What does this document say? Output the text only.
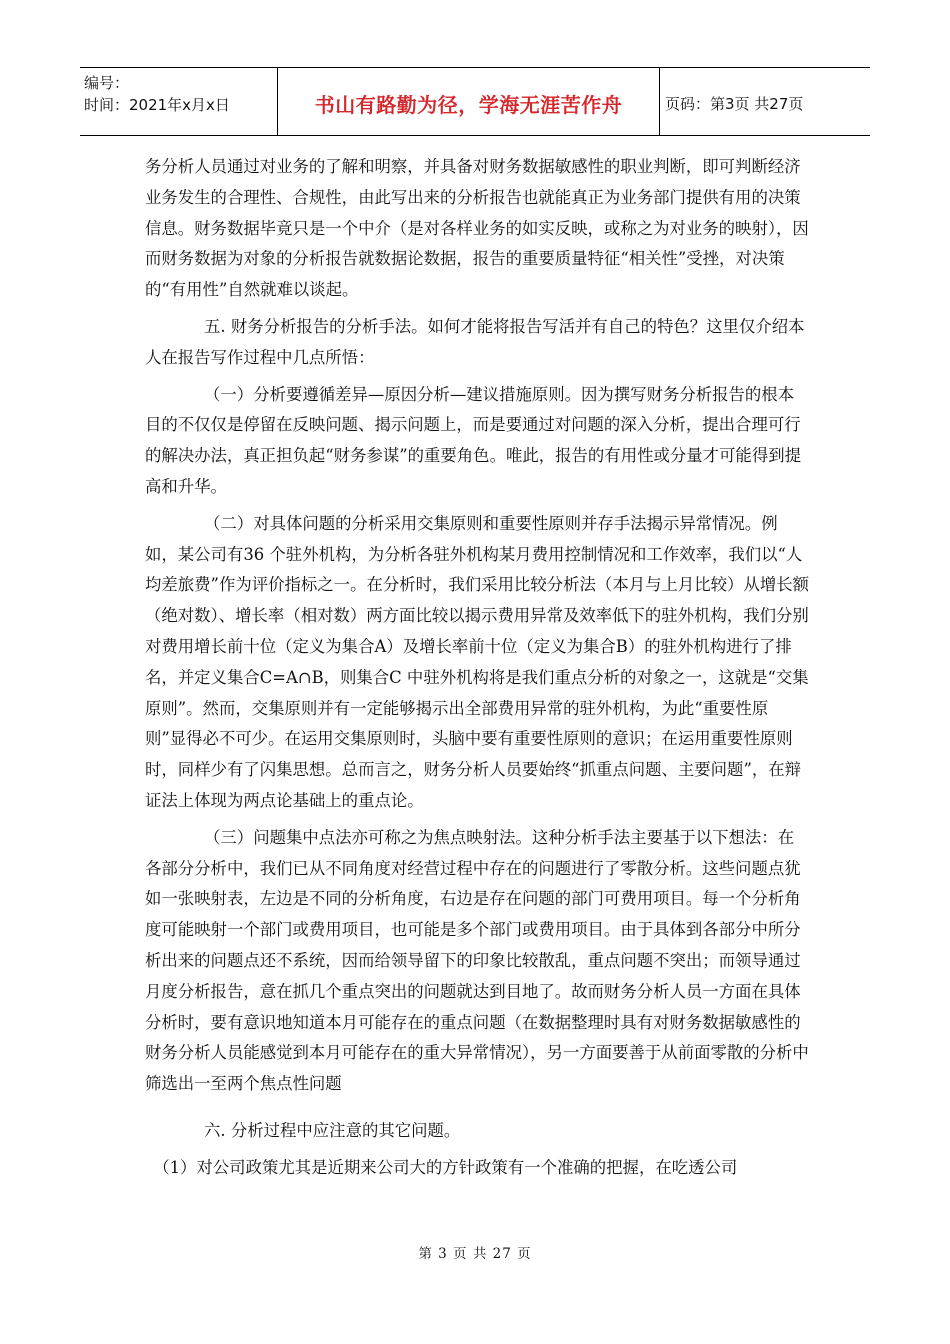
编号：
时间：2021年x月x日	书山有路勤为径，学海无涯苦作舟	页码：第3页 共27页

务分析人员通过对业务的了解和明察，并具备对财务数据敏感性的职业判断，即可判断经济业务发生的合理性、合规性，由此写出来的分析报告也就能真正为业务部门提供有用的决策信息。财务数据毕竟只是一个中介（是对各样业务的如实反映，或称之为对业务的映射），因而财务数据为对象的分析报告就数据论数据，报告的重要质量特征“相关性”受挫，对决策的“有用性”自然就难以谈起。

五. 财务分析报告的分析手法。如何才能将报告写活并有自己的特色？这里仅介绍本人在报告写作过程中几点所悟：

（一）分析要遵循差异—原因分析—建议措施原则。因为撰写财务分析报告的根本目的不仅仅是停留在反映问题、揭示问题上，而是要通过对问题的深入分析，提出合理可行的解决办法，真正担负起“财务参谋”的重要角色。唯此，报告的有用性或分量才可能得到提高和升华。

（二）对具体问题的分析采用交集原则和重要性原则并存手法揭示异常情况。例如，某公司有36 个驻外机构，为分析各驻外机构某月费用控制情况和工作效率，我们以“人均差旅费”作为评价指标之一。在分析时，我们采用比较分析法（本月与上月比较）从增长额（绝对数）、增长率（相对数）两方面比较以揭示费用异常及效率低下的驻外机构，我们分别对费用增长前十位（定义为集合A）及增长率前十位（定义为集合B）的驻外机构进行了排名，并定义集合C=A∩B，则集合C 中驻外机构将是我们重点分析的对象之一，这就是“交集原则”。然而，交集原则并有一定能够揭示出全部费用异常的驻外机构，为此“重要性原则”显得必不可少。在运用交集原则时，头脑中要有重要性原则的意识；在运用重要性原则 时，同样少有了闪集思想。总而言之，财务分析人员要始终“抓重点问题、主要问题”，在辩证法上体现为两点论基础上的重点论。

（三）问题集中点法亦可称之为焦点映射法。这种分析手法主要基于以下想法：在各部分分析中，我们已从不同角度对经营过程中存在的问题进行了零散分析。这些问题点犹如一张映射表，左边是不同的分析角度，右边是存在问题的部门可费用项目。每一个分析角度可能映射一个部门或费用项目，也可能是多个部门或费用项目。由于具体到各部分中所分析出来的问题点还不系统，因而给领导留下的印象比较散乱，重点问题不突出；而领导通过月度分析报告，意在抓几个重点突出的问题就达到目地了。故而财务分析人员一方面在具体分析时，要有意识地知道本月可能存在的重点问题（在数据整理时具有对财务数据敏感性的财务分析人员能感觉到本月可能存在的重大异常情况），另一方面要善于从前面零散的分析中筛选出一至两个焦点性问题

六. 分析过程中应注意的其它问题。

（1）对公司政策尤其是近期来公司大的方针政策有一个准确的把握，在吃透公司

第 3 页 共 27 页
